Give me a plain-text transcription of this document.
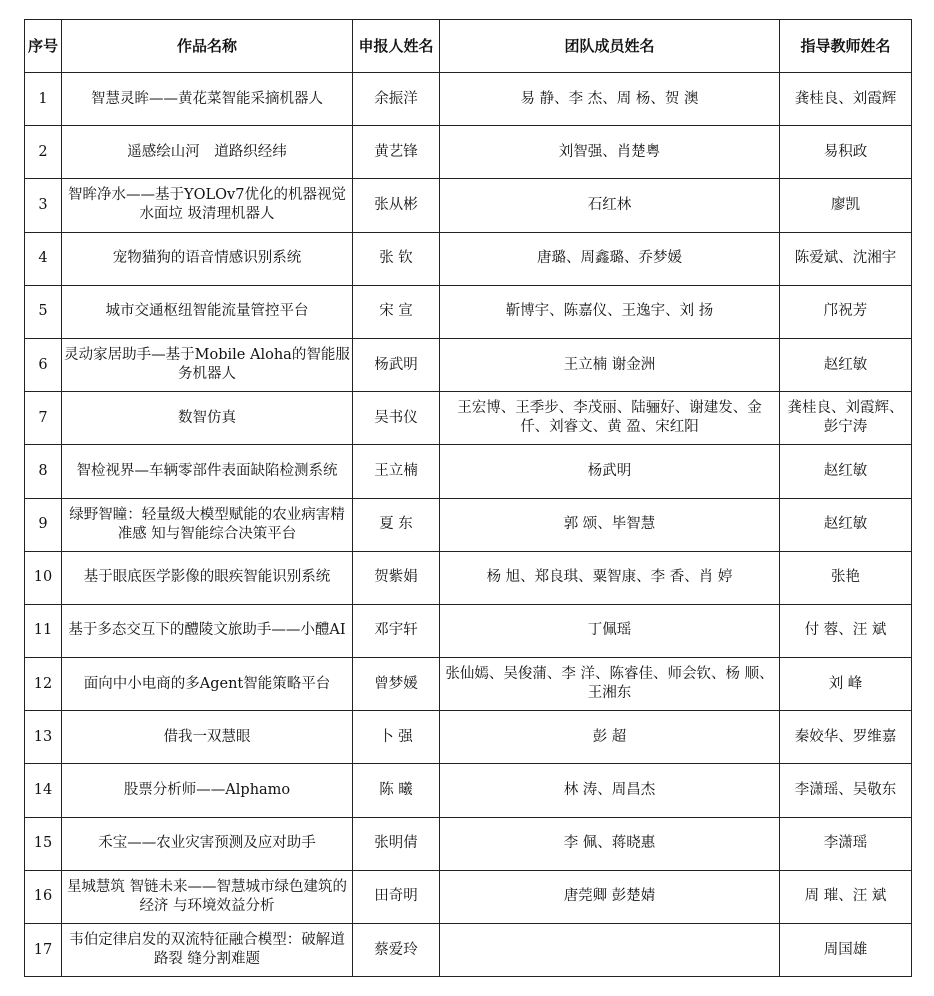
序号	作品名称	申报人姓名	团队成员姓名	指导教师姓名
1	智慧灵眸——黄花菜智能采摘机器人	余振洋	易 静、李 杰、周 杨、贺 澳	龚桂良、刘霞辉
2	遥感绘山河　道路织经纬	黄艺锋	刘智强、肖楚粤	易积政
3	智眸净水——基于YOLOv7优化的机器视觉水面垃 圾清理机器人	张从彬	石红林	廖凯
4	宠物猫狗的语音情感识别系统	张 钦	唐璐、周鑫璐、乔梦媛	陈爱斌、沈湘宇
5	城市交通枢纽智能流量管控平台	宋 宣	靳博宇、陈嘉仪、王逸宇、刘 扬	邝祝芳
6	灵动家居助手—基于Mobile Aloha的智能服务机器人	杨武明	王立楠 谢金洲	赵红敏
7	数智仿真	吴书仪	王宏博、王季步、李茂丽、陆骊好、谢建发、金 仟、刘睿文、黄 盈、宋红阳	龚桂良、刘霞辉、彭宁涛
8	智检视界—车辆零部件表面缺陷检测系统	王立楠	杨武明	赵红敏
9	绿野智瞳：轻量级大模型赋能的农业病害精准感 知与智能综合决策平台	夏 东	郭 颂、毕智慧	赵红敏
10	基于眼底医学影像的眼疾智能识别系统	贺紫娟	杨 旭、郑良琪、粟智康、李 香、肖 婷	张艳
11	基于多态交互下的醴陵文旅助手——小醴AI	邓宇轩	丁佩瑶	付 蓉、汪 斌
12	面向中小电商的多Agent智能策略平台	曾梦媛	张仙嫣、吴俊蒲、李 洋、陈睿佳、师会钦、杨 顺、王湘东	刘 峰
13	借我一双慧眼	卜 强	彭 超	秦姣华、罗维嘉
14	股票分析师——Alphamo	陈 曦	林 涛、周昌杰	李潇瑶、吴敬东
15	禾宝——农业灾害预测及应对助手	张明倩	李 佩、蒋晓惠	李潇瑶
16	星城慧筑 智链未来——智慧城市绿色建筑的经济 与环境效益分析	田奇明	唐莞卿 彭楚婧	周 璀、汪 斌
17	韦伯定律启发的双流特征融合模型：破解道路裂 缝分割难题	蔡爱玲		周国雄
